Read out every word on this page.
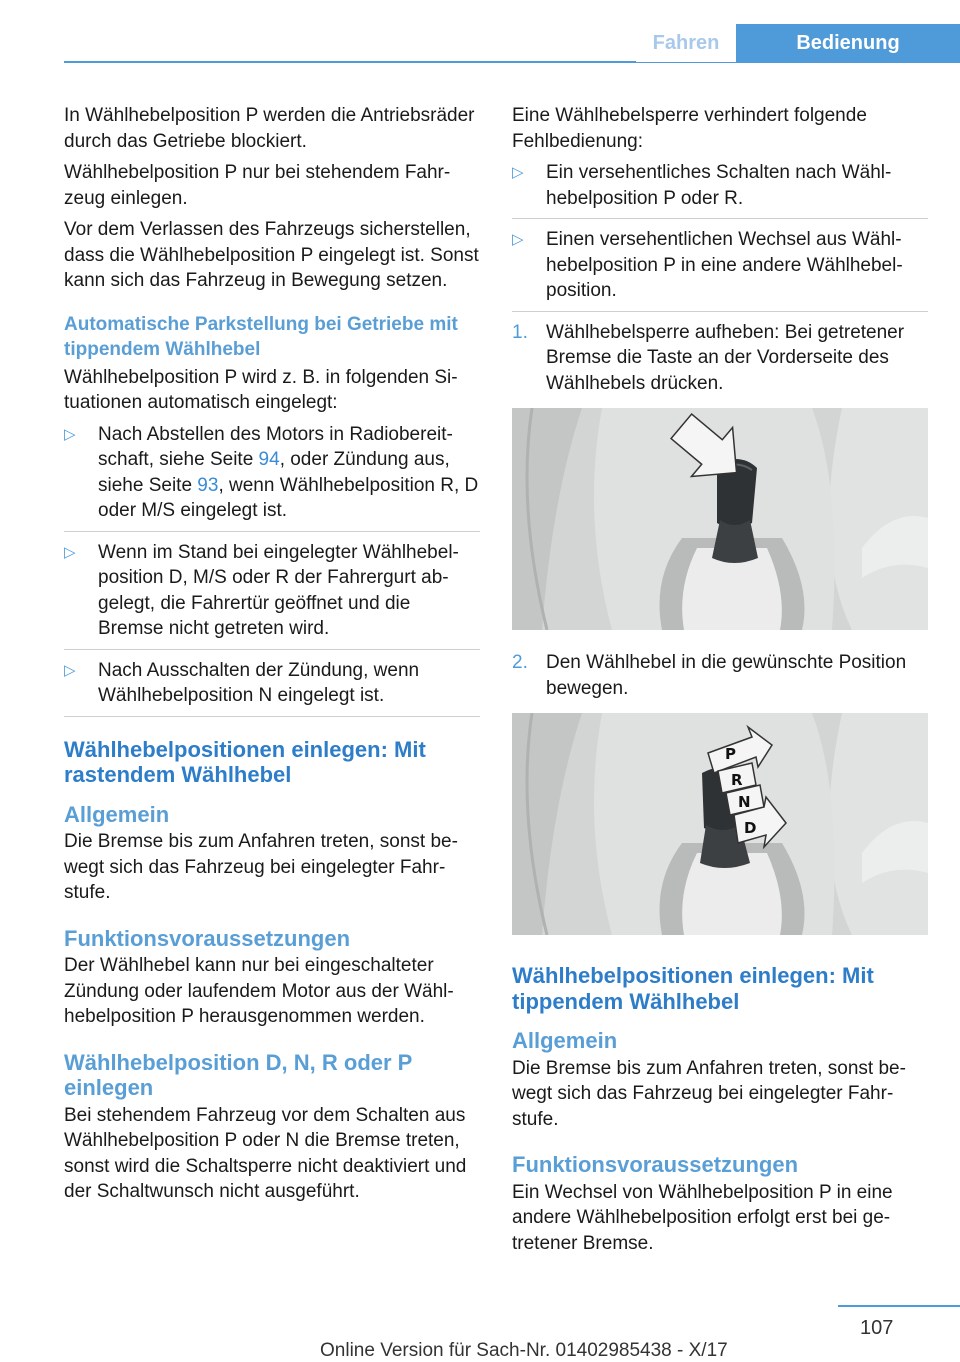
Fahren	Bedienung

In Wählhebelposition P werden die Antriebsräder durch das Getriebe blockiert.

Wählhebelposition P nur bei stehendem Fahrzeug einlegen.

Vor dem Verlassen des Fahrzeugs sicherstellen, dass die Wählhebelposition P eingelegt ist. Sonst kann sich das Fahrzeug in Bewegung setzen.

Automatische Parkstellung bei Getriebe mit tippendem Wählhebel

Wählhebelposition P wird z. B. in folgenden Situationen automatisch eingelegt:

▷ Nach Abstellen des Motors in Radiobereitschaft, siehe Seite 94, oder Zündung aus, siehe Seite 93, wenn Wählhebelposition R, D oder M/S eingelegt ist.
▷ Wenn im Stand bei eingelegter Wählhebelposition D, M/S oder R der Fahrergurt abgelegt, die Fahrertür geöffnet und die Bremse nicht getreten wird.
▷ Nach Ausschalten der Zündung, wenn Wählhebelposition N eingelegt ist.
Wählhebelpositionen einlegen: Mit rastendem Wählhebel
Allgemein

Die Bremse bis zum Anfahren treten, sonst bewegt sich das Fahrzeug bei eingelegter Fahrstufe.

Funktionsvoraussetzungen

Der Wählhebel kann nur bei eingeschalteter Zündung oder laufendem Motor aus der Wählhebelposition P herausgenommen werden.

Wählhebelposition D, N, R oder P einlegen

Bei stehendem Fahrzeug vor dem Schalten aus Wählhebelposition P oder N die Bremse treten, sonst wird die Schaltsperre nicht deaktiviert und der Schaltwunsch nicht ausgeführt.

Eine Wählhebelsperre verhindert folgende Fehlbedienung:

▷ Ein versehentliches Schalten nach Wählhebelposition P oder R.
▷ Einen versehentlichen Wechsel aus Wählhebelposition P in eine andere Wählhebelposition.
1. Wählhebelsperre aufheben: Bei getretener Bremse die Taste an der Vorderseite des Wählhebels drücken.
2. Den Wählhebel in die gewünschte Position bewegen.
P
R
N
D
Wählhebelpositionen einlegen: Mit tippendem Wählhebel
Allgemein

Die Bremse bis zum Anfahren treten, sonst bewegt sich das Fahrzeug bei eingelegter Fahrstufe.

Funktionsvoraussetzungen

Ein Wechsel von Wählhebelposition P in eine andere Wählhebelposition erfolgt erst bei getretener Bremse.

107
Online Version für Sach-Nr. 01402985438 - X/17
